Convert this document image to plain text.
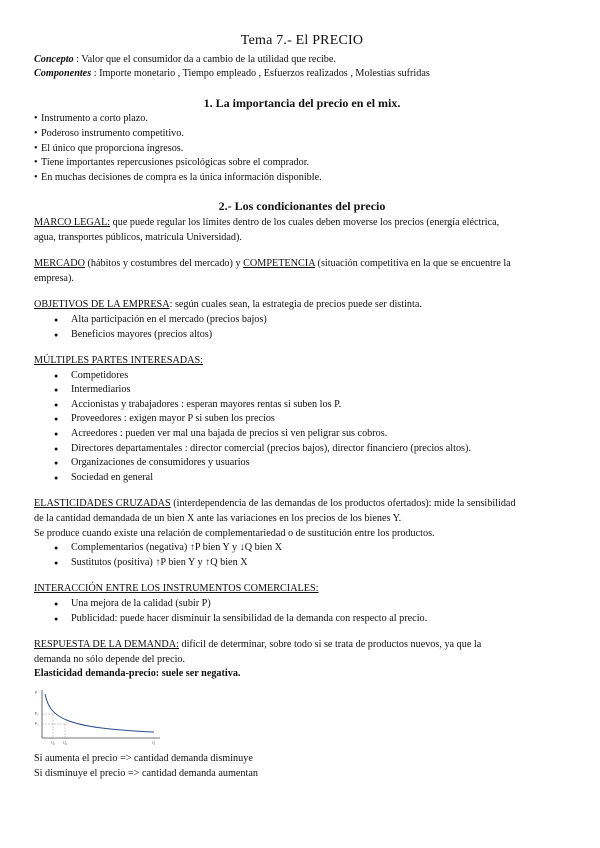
Tema 7.- El PRECIO

Concepto : Valor que el consumidor da a cambio de la utilidad que recibe.

Componentes : Importe monetario , Tiempo empleado , Esfuerzos realizados , Molestias sufridas

1. La importancia del precio en el mix.
• Instrumento a corto plazo.
• Poderoso instrumento competitivo.
• El único que proporciona ingresos.
• Tiene importantes repercusiones psicológicas sobre el comprador.
• En muchas decisiones de compra es la única información disponible.
2.- Los condicionantes del precio

MARCO LEGAL: que puede regular los límites dentro de los cuales deben moverse los precios (energía eléctrica,

agua, transportes públicos, matrícula Universidad).

MERCADO (hábitos y costumbres del mercado) y COMPETENCIA (situación competitiva en la que se encuentre la

empresa).

OBJETIVOS DE LA EMPRESA: según cuales sean, la estrategia de precios puede ser distinta.

● Alta participación en el mercado (precios bajos)
● Beneficios mayores (precios altos)

MÚLTIPLES PARTES INTERESADAS:

● Competidores
● Intermediarios
● Accionistas y trabajadores : esperan mayores rentas si suben los P.
● Proveedores : exigen mayor P si suben los precios
● Acreedores : pueden ver mal una bajada de precios si ven peligrar sus cobros.
● Directores departamentales : director comercial (precios bajos), director financiero (precios altos).
● Organizaciones de consumidores y usuarios
● Sociedad en general

ELASTICIDADES CRUZADAS (interdependencia de las demandas de los productos ofertados): mide la sensibilidad

de la cantidad demandada de un bien X ante las variaciones en los precios de los bienes Y.

Se produce cuando existe una relación de complementariedad o de sustitución entre los productos.

● Complementarios (negativa) ↑P bien Y y ↓Q bien X
● Sustitutos (positiva) ↑P bien Y y ↑Q bien X

INTERACCIÓN ENTRE LOS INSTRUMENTOS COMERCIALES:

● Una mejora de la calidad (subir P)
● Publicidad: puede hacer disminuir la sensibilidad de la demanda con respecto al precio.

RESPUESTA DE LA DEMANDA: difícil de determinar, sobre todo si se trata de productos nuevos, ya que la

demanda no sólo depende del precio.

Elasticidad demanda-precio: suele ser negativa.

P
P₁
P₂
Q₁ Q₂	Q

Si aumenta el precio => cantidad demanda disminuye

Si disminuye el precio => cantidad demanda aumentan
